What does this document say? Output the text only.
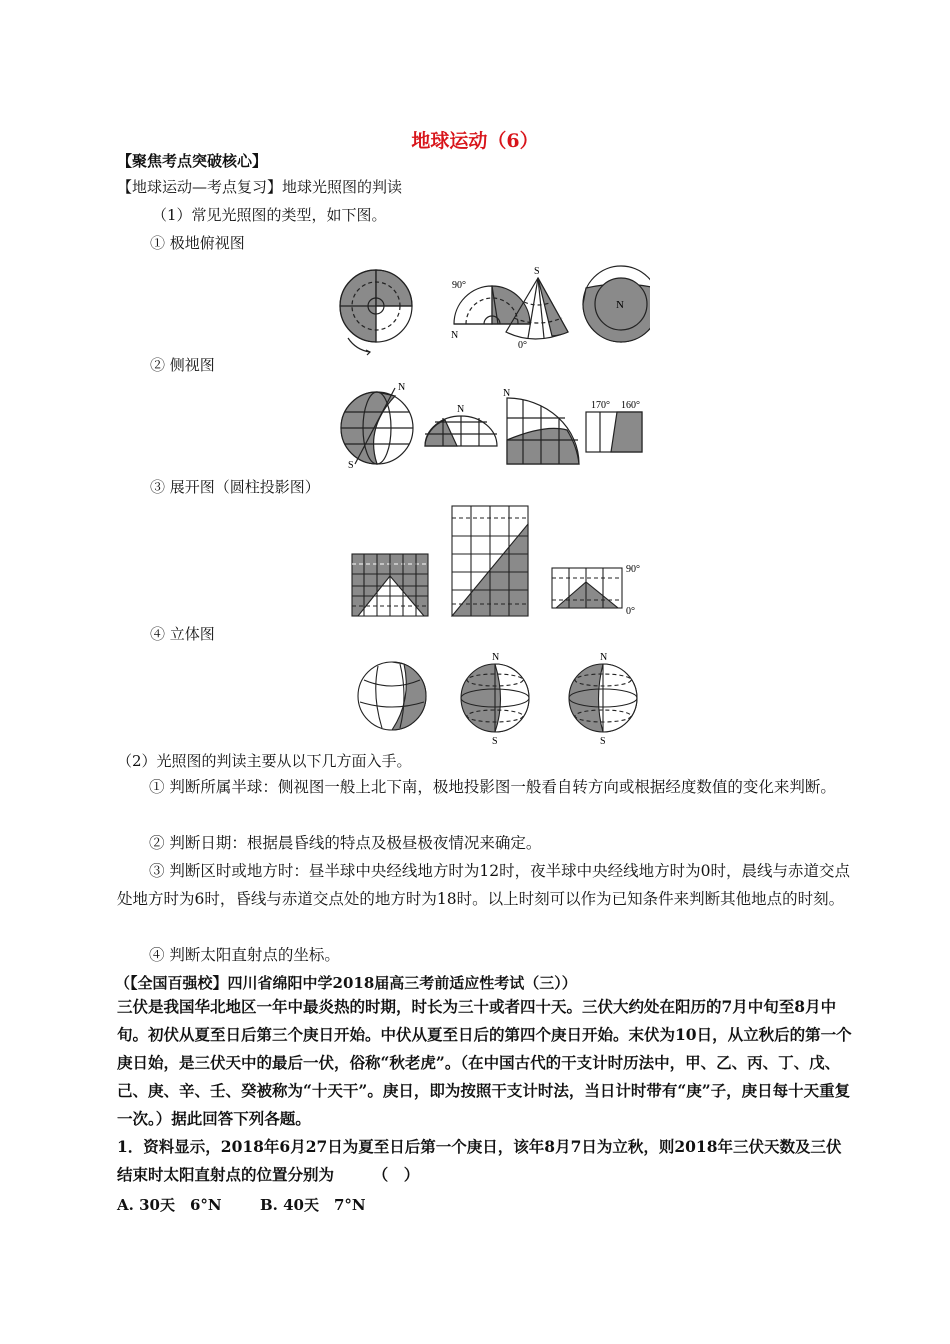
地球运动（6）
【聚焦考点突破核心】
【地球运动—考点复习】地球光照图的判读
（1）常见光照图的类型，如下图。
① 极地俯视图
90°
N
S
0°
N
② 侧视图
N
S
N
N
170° 160°
③ 展开图（圆柱投影图）
90°
0°
④ 立体图
N
S
N
S
（2）光照图的判读主要从以下几方面入手。
① 判断所属半球：侧视图一般上北下南，极地投影图一般看自转方向或根据经度数值的变化来判断。
② 判断日期：根据晨昏线的特点及极昼极夜情况来确定。
③ 判断区时或地方时：昼半球中央经线地方时为12时，夜半球中央经线地方时为0时，晨线与赤道交点处地方时为6时，昏线与赤道交点处的地方时为18时。以上时刻可以作为已知条件来判断其他地点的时刻。
④ 判断太阳直射点的坐标。
（【全国百强校】四川省绵阳中学2018届高三考前适应性考试（三））
三伏是我国华北地区一年中最炎热的时期，时长为三十或者四十天。三伏大约处在阳历的7月中旬至8月中旬。初伏从夏至日后第三个庚日开始。中伏从夏至日后的第四个庚日开始。末伏为10日，从立秋后的第一个庚日始，是三伏天中的最后一伏，俗称“秋老虎”。（在中国古代的干支计时历法中，甲、乙、丙、丁、戊、己、庚、辛、壬、癸被称为“十天干”。庚日，即为按照干支计时法，当日计时带有“庚”子，庚日每十天重复一次。）据此回答下列各题。
1．资料显示，2018年6月27日为夏至日后第一个庚日，该年8月7日为立秋，则2018年三伏天数及三伏结束时太阳直射点的位置分别为　　　（　）
A. 30天　6°N	B. 40天　7°N
